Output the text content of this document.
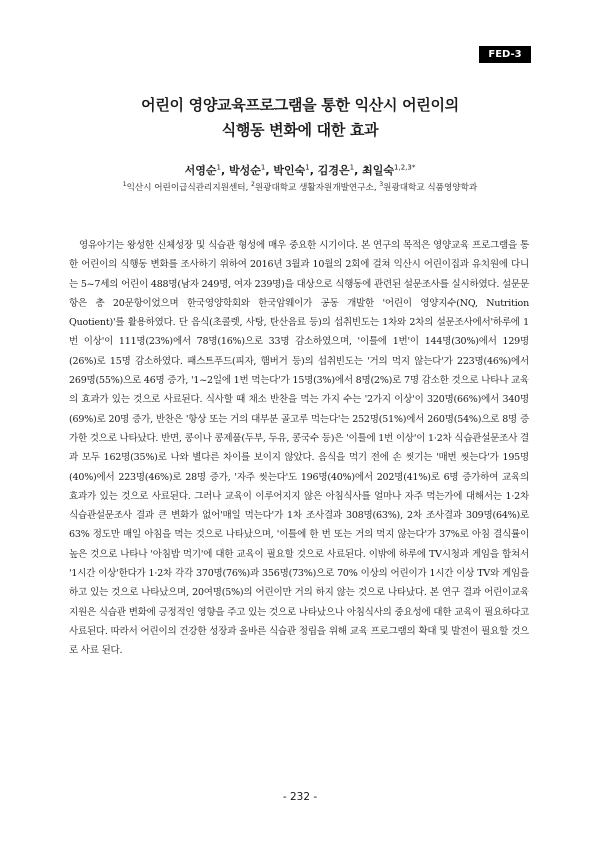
FED-3
어린이 영양교육프로그램을 통한 익산시 어린이의
식행동 변화에 대한 효과
서영순$^1$, 박성순$^1$, 박인숙$^1$, 김경은$^1$, 최일숙$^{1,2,3*}$
$^1$익산시 어린이급식관리지원센터, $^2$원광대학교 생활자원개발연구소, $^3$원광대학교 식품영양학과

영유아기는 왕성한 신체성장 및 식습관 형성에 매우 중요한 시기이다. 본 연구의 목적은 영양교육 프로그램을 통한 어린이의 식행동 변화를 조사하기 위하여 2016년 3월과 10월의 2회에 걸쳐 익산시 어린이집과 유치원에 다니는 5~7세의 어린이 488명(남자 249명, 여자 239명)을 대상으로 식행동에 관련된 설문조사를 실시하였다. 설문문항은 총 20문항이었으며 한국영양학회와 한국암웨이가 공동 개발한 '어린이 영양지수(NQ, Nutrition Quotient)'를 활용하였다. 단 음식(초콜렛, 사탕, 탄산음료 등)의 섭취빈도는 1차와 2차의 설문조사에서'하루에 1번 이상'이 111명(23%)에서 78명(16%)으로 33명 감소하였으며, '이틀에 1번'이 144명(30%)에서 129명(26%)로 15명 감소하였다. 패스트푸드(피자, 햄버거 등)의 섭취빈도는 '거의 먹지 않는다'가 223명(46%)에서 269명(55%)으로 46명 증가, '1~2일에 1번 먹는다'가 15명(3%)에서 8명(2%)로 7명 감소한 것으로 나타나 교육의 효과가 있는 것으로 사료된다. 식사할 때 채소 반찬을 먹는 가지 수는 '2가지 이상'이 320명(66%)에서 340명(69%)로 20명 증가, 반찬은 '항상 또는 거의 대부분 골고루 먹는다'는 252명(51%)에서 260명(54%)으로 8명 증가한 것으로 나타났다. 반면, 콩이나 콩제품(두부, 두유, 콩국수 등)은 '이틀에 1번 이상'이 1·2차 식습관설문조사 결과 모두 162명(35%)로 나와 별다른 차이를 보이지 않았다. 음식을 먹기 전에 손 씻기는 '매번 씻는다'가 195명(40%)에서 223명(46%)로 28명 증가, '자주 씻는다'도 196명(40%)에서 202명(41%)로 6명 증가하여 교육의 효과가 있는 것으로 사료된다. 그러나 교육이 이루어지지 않은 아침식사를 얼마나 자주 먹는가에 대해서는 1·2차 식습관설문조사 결과 큰 변화가 없어'매일 먹는다'가 1차 조사결과 308명(63%), 2차 조사결과 309명(64%)로 63% 정도만 매일 아침을 먹는 것으로 나타났으며, '이틀에 한 번 또는 거의 먹지 않는다'가 37%로 아침 결식률이 높은 것으로 나타나 '아침밥 먹기'에 대한 교육이 필요할 것으로 사료된다. 이밖에 하루에 TV시청과 게임을 합쳐서 '1시간 이상'한다가 1·2차 각각 370명(76%)과 356명(73%)으로 70% 이상의 어린이가 1시간 이상 TV와 게임을 하고 있는 것으로 나타났으며, 20여명(5%)의 어린이만 거의 하지 않는 것으로 나타났다. 본 연구 결과 어린이교육 지원은 식습관 변화에 긍정적인 영향을 주고 있는 것으로 나타났으나 아침식사의 중요성에 대한 교육이 필요하다고 사료된다. 따라서 어린이의 건강한 성장과 올바른 식습관 정립을 위해 교육 프로그램의 확대 및 발전이 필요할 것으로 사료 된다.

- 232 -
